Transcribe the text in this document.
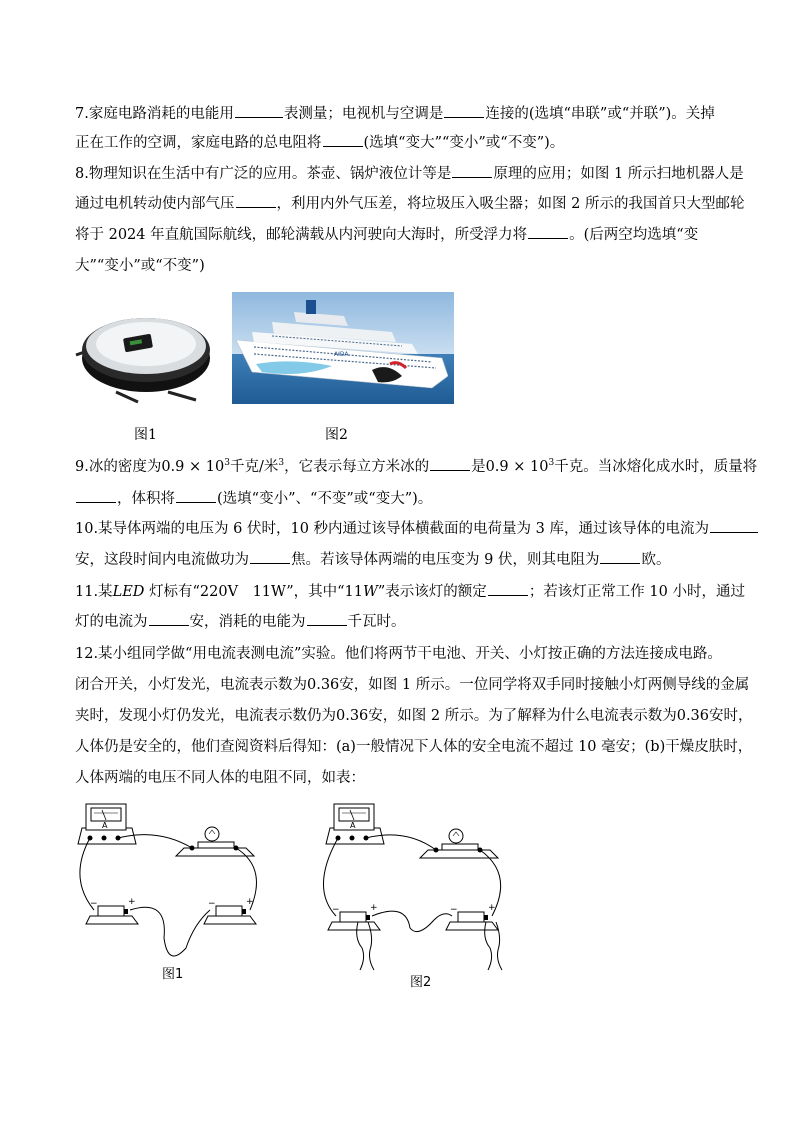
7.家庭电路消耗的电能用	表测量；电视机与空调是	连接的(选填“串联”或“并联”)。关掉
正在工作的空调，家庭电路的总电阻将	(选填“变大”“变小”或“不变”)。
8.物理知识在生活中有广泛的应用。茶壶、锅炉液位计等是	原理的应用；如图 1 所示扫地机器人是
通过电机转动使内部气压	，利用内外气压差，将垃圾压入吸尘器；如图 2 所示的我国首只大型邮轮
将于 2024 年直航国际航线，邮轮满载从内河驶向大海时，所受浮力将	。(后两空均选填“变
大”“变小”或“不变”)
AIDA
图1	图2
9.冰的密度为$0.9 \times 10^3$千克/米$^3$，它表示每立方米冰的	是$0.9 \times 10^3$千克。当冰熔化成水时，质量将
，体积将	(选填“变小”、“不变”或“变大”)。
10.某导体两端的电压为 6 伏时，10 秒内通过该导体横截面的电荷量为 3 库，通过该导体的电流为
安，这段时间内电流做功为	焦。若该导体两端的电压变为 9 伏，则其电阻为	欧。
11.某LED 灯标有“220V　11W”，其中“11W”表示该灯的额定	；若该灯正常工作 10 小时，通过
灯的电流为	安，消耗的电能为	千瓦时。
12.某小组同学做“用电流表测电流”实验。他们将两节干电池、开关、小灯按正确的方法连接成电路。
闭合开关，小灯发光，电流表示数为0.36安，如图 1 所示。一位同学将双手同时接触小灯两侧导线的金属
夹时，发现小灯仍发光，电流表示数仍为0.36安，如图 2 所示。为了解释为什么电流表示数为0.36安时，
人体仍是安全的，他们查阅资料后得知：(a)一般情况下人体的安全电流不超过 10 毫安；(b)干燥皮肤时，
人体两端的电压不同人体的电阻不同，如表：
A
−	+	−	+
图1
A
−	+	−	+
图2
